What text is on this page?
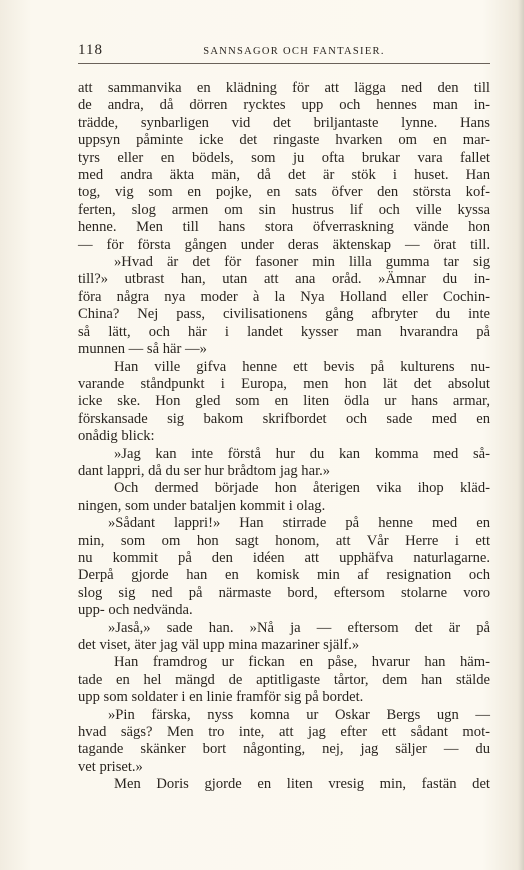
118	SANNSAGOR OCH FANTASIER.
att sammanvika en klädning för att lägga ned den till
de andra, då dörren rycktes upp och hennes man in-
trädde, synbarligen vid det briljantaste lynne. Hans
uppsyn påminte icke det ringaste hvarken om en mar-
tyrs eller en bödels, som ju ofta brukar vara fallet
med andra äkta män, då det är stök i huset. Han
tog, vig som en pojke, en sats öfver den största kof-
ferten, slog armen om sin hustrus lif och ville kyssa
henne. Men till hans stora öfverraskning vände hon
— för första gången under deras äktenskap — örat till.
»Hvad är det för fasoner min lilla gumma tar sig
till?» utbrast han, utan att ana oråd. »Ämnar du in-
föra några nya moder à la Nya Holland eller Cochin-
China? Nej pass, civilisationens gång afbryter du inte
så lätt, och här i landet kysser man hvarandra på
munnen — så här —»
Han ville gifva henne ett bevis på kulturens nu-
varande ståndpunkt i Europa, men hon lät det absolut
icke ske. Hon gled som en liten ödla ur hans armar,
förskansade sig bakom skrifbordet och sade med en
onådig blick:
»Jag kan inte förstå hur du kan komma med så-
dant lappri, då du ser hur brådtom jag har.»
Och dermed började hon återigen vika ihop kläd-
ningen, som under bataljen kommit i olag.
»Sådant lappri!» Han stirrade på henne med en
min, som om hon sagt honom, att Vår Herre i ett
nu kommit på den idéen att upphäfva naturlagarne.
Derpå gjorde han en komisk min af resignation och
slog sig ned på närmaste bord, eftersom stolarne voro
upp- och nedvända.
»Jaså,» sade han. »Nå ja — eftersom det är på
det viset, äter jag väl upp mina mazariner själf.»
Han framdrog ur fickan en påse, hvarur han häm-
tade en hel mängd de aptitligaste tårtor, dem han stälde
upp som soldater i en linie framför sig på bordet.
»Pin färska, nyss komna ur Oskar Bergs ugn —
hvad sägs? Men tro inte, att jag efter ett sådant mot-
tagande skänker bort någonting, nej, jag säljer — du
vet priset.»
Men Doris gjorde en liten vresig min, fastän det
